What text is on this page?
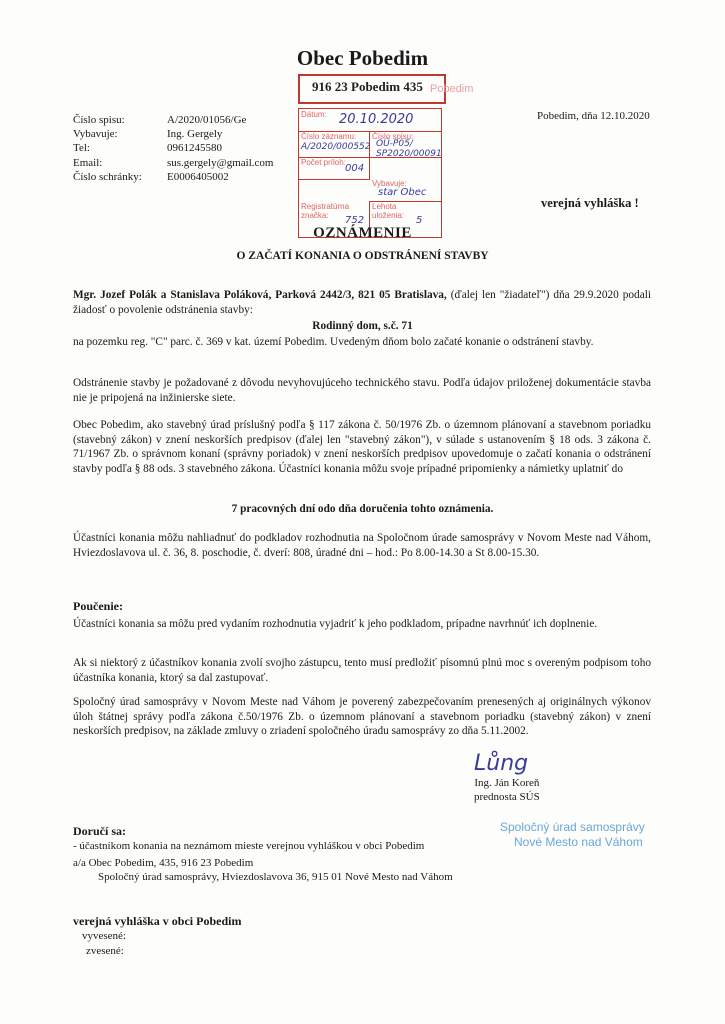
Obec Pobedim
916 23 Pobedim 435 Pobedim
Číslo spisu:	A/2020/01056/Ge
Vybavuje:	Ing. Gergely
Tel:	0961245580
Email:	sus.gergely@gmail.com
Číslo schránky:	E0006405002
Dátum: 20.10.2020
Číslo záznamu:
A/2020/000552
Číslo spisu:
OÚ-P05/ SP2020/00091
Počet príloh:
004
Vybavuje:
star Obec
Registratúrna značka:	752
Lehota uloženia:	5
Pobedim, dňa 12.10.2020
verejná vyhláška !
OZNÁMENIE
O ZAČATÍ KONANIA O ODSTRÁNENÍ STAVBY
Mgr. Jozef Polák a Stanislava Poláková, Parková 2442/3, 821 05 Bratislava, (ďalej len "žiadateľ") dňa 29.9.2020 podali žiadosť o povolenie odstránenia stavby:
Rodinný dom, s.č. 71
na pozemku reg. "C" parc. č. 369 v kat. území Pobedim. Uvedeným dňom bolo začaté konanie o odstránení stavby.
Odstránenie stavby je požadované z dôvodu nevyhovujúceho technického stavu. Podľa údajov priloženej dokumentácie stavba nie je pripojená na inžinierske siete.
Obec Pobedim, ako stavebný úrad príslušný podľa § 117 zákona č. 50/1976 Zb. o územnom plánovaní a stavebnom poriadku (stavebný zákon) v znení neskorších predpisov (ďalej len "stavebný zákon"), v súlade s ustanovením § 18 ods. 3 zákona č. 71/1967 Zb. o správnom konaní (správny poriadok) v znení neskorších predpisov upovedomuje o začatí konania o odstránení stavby podľa § 88 ods. 3 stavebného zákona. Účastníci konania môžu svoje prípadné pripomienky a námietky uplatniť do
7 pracovných dní odo dňa doručenia tohto oznámenia.
Účastníci konania môžu nahliadnuť do podkladov rozhodnutia na Spoločnom úrade samosprávy v Novom Meste nad Váhom, Hviezdoslavova ul. č. 36, 8. poschodie, č. dverí: 808, úradné dni – hod.: Po 8.00-14.30 a St 8.00-15.30.
Poučenie:
Účastníci konania sa môžu pred vydaním rozhodnutia vyjadriť k jeho podkladom, prípadne navrhnúť ich doplnenie.
Ak si niektorý z účastníkov konania zvolí svojho zástupcu, tento musí predložiť písomnú plnú moc s overeným podpisom toho účastníka konania, ktorý sa dal zastupovať.
Spoločný úrad samosprávy v Novom Meste nad Váhom je poverený zabezpečovaním prenesených aj originálnych výkonov úloh štátnej správy podľa zákona č.50/1976 Zb. o územnom plánovaní a stavebnom poriadku (stavebný zákon) v znení neskorších predpisov, na základe zmluvy o zriadení spoločného úradu samosprávy zo dňa 5.11.2002.
Lůng
Ing. Ján Koreň
prednosta SÚS
Doručí sa:
- účastníkom konania na neznámom mieste verejnou vyhláškou v obci Pobedim
a/a Obec Pobedim, 435, 916 23 Pobedim
Spoločný úrad samosprávy, Hviezdoslavova 36, 915 01 Nové Mesto nad Váhom
Spoločný úrad samosprávy
Nové Mesto nad Váhom
verejná vyhláška v obci Pobedim
vyvesené:
zvesené:
